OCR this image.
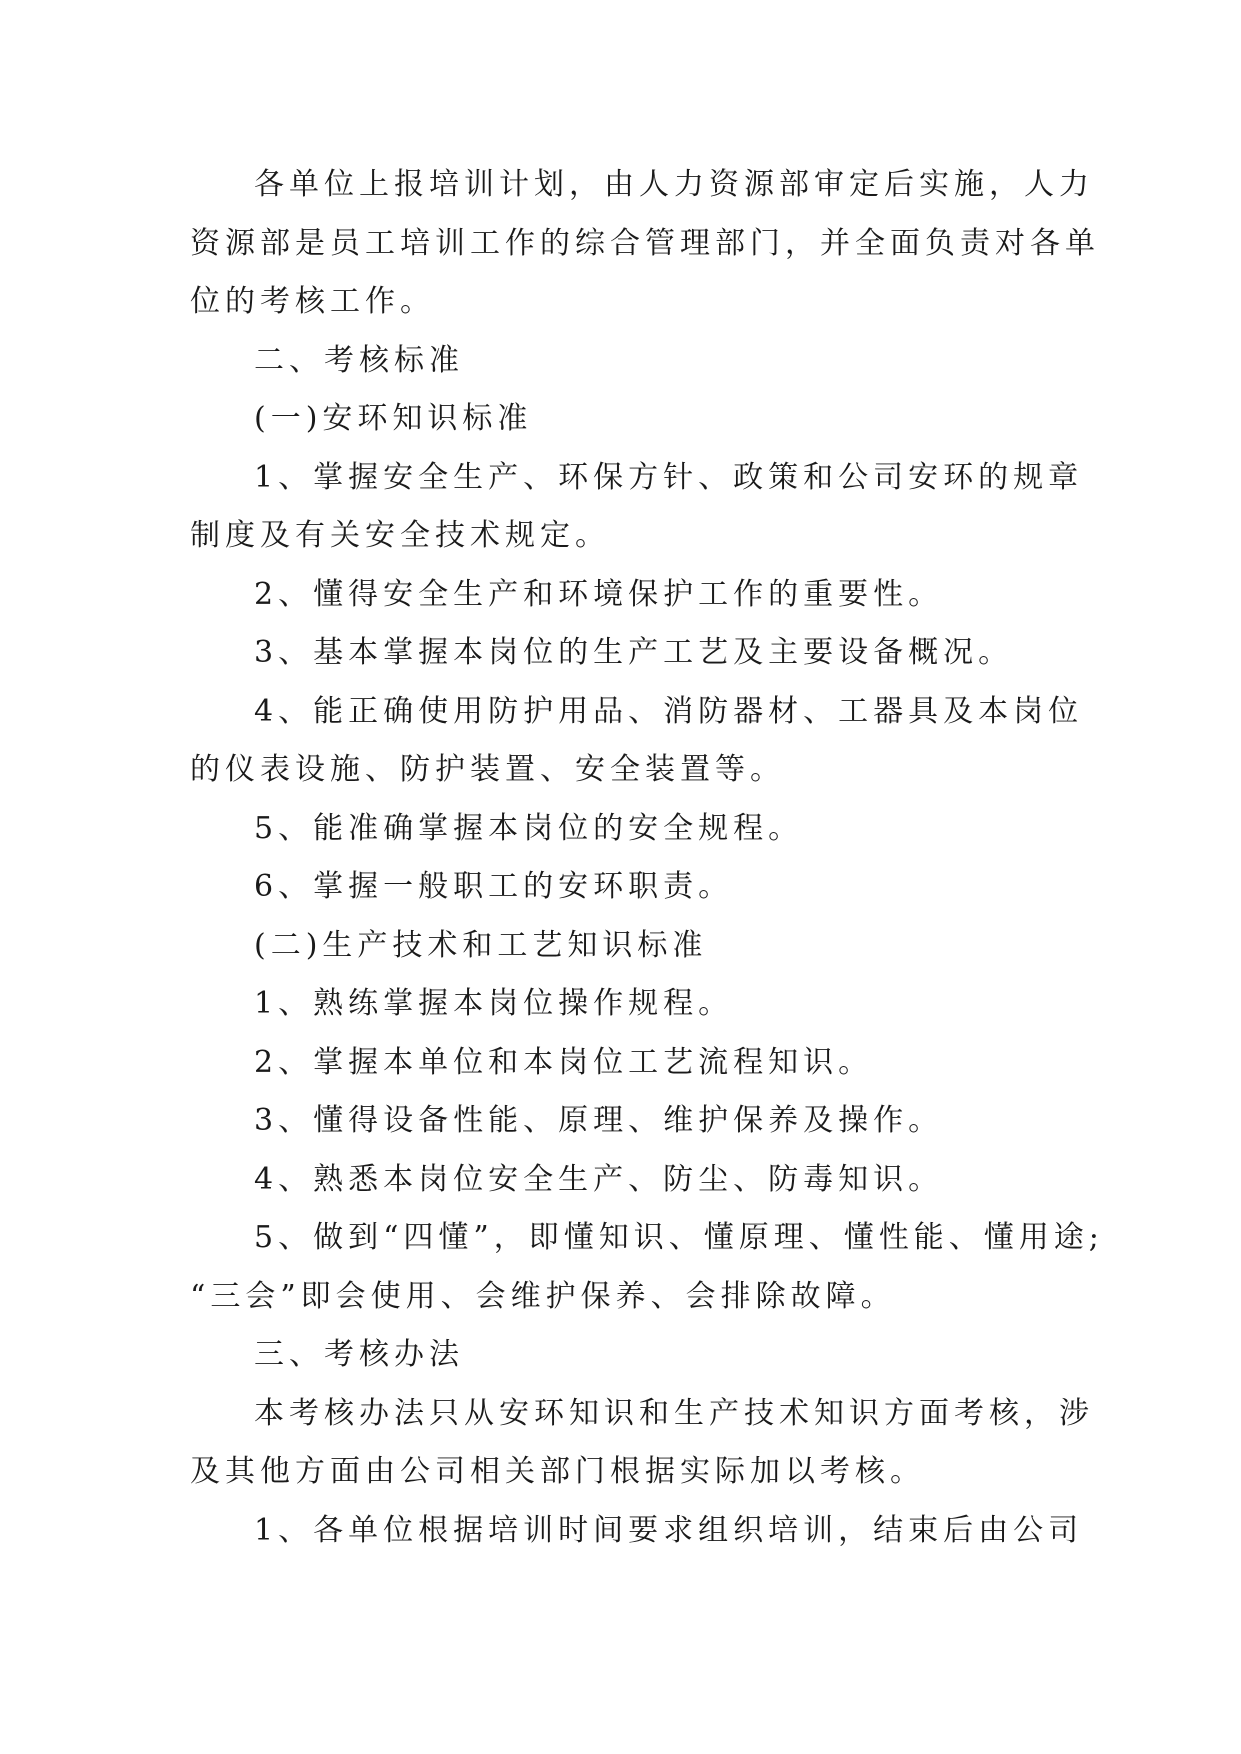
各单位上报培训计划，由人力资源部审定后实施，人力
资源部是员工培训工作的综合管理部门，并全面负责对各单
位的考核工作。
二、考核标准
(一)安环知识标准
1、掌握安全生产、环保方针、政策和公司安环的规章
制度及有关安全技术规定。
2、懂得安全生产和环境保护工作的重要性。
3、基本掌握本岗位的生产工艺及主要设备概况。
4、能正确使用防护用品、消防器材、工器具及本岗位
的仪表设施、防护装置、安全装置等。
5、能准确掌握本岗位的安全规程。
6、掌握一般职工的安环职责。
(二)生产技术和工艺知识标准
1、熟练掌握本岗位操作规程。
2、掌握本单位和本岗位工艺流程知识。
3、懂得设备性能、原理、维护保养及操作。
4、熟悉本岗位安全生产、防尘、防毒知识。
5、做到“四懂”，即懂知识、懂原理、懂性能、懂用途;
“三会”即会使用、会维护保养、会排除故障。
三、考核办法
本考核办法只从安环知识和生产技术知识方面考核，涉
及其他方面由公司相关部门根据实际加以考核。
1、各单位根据培训时间要求组织培训，结束后由公司
